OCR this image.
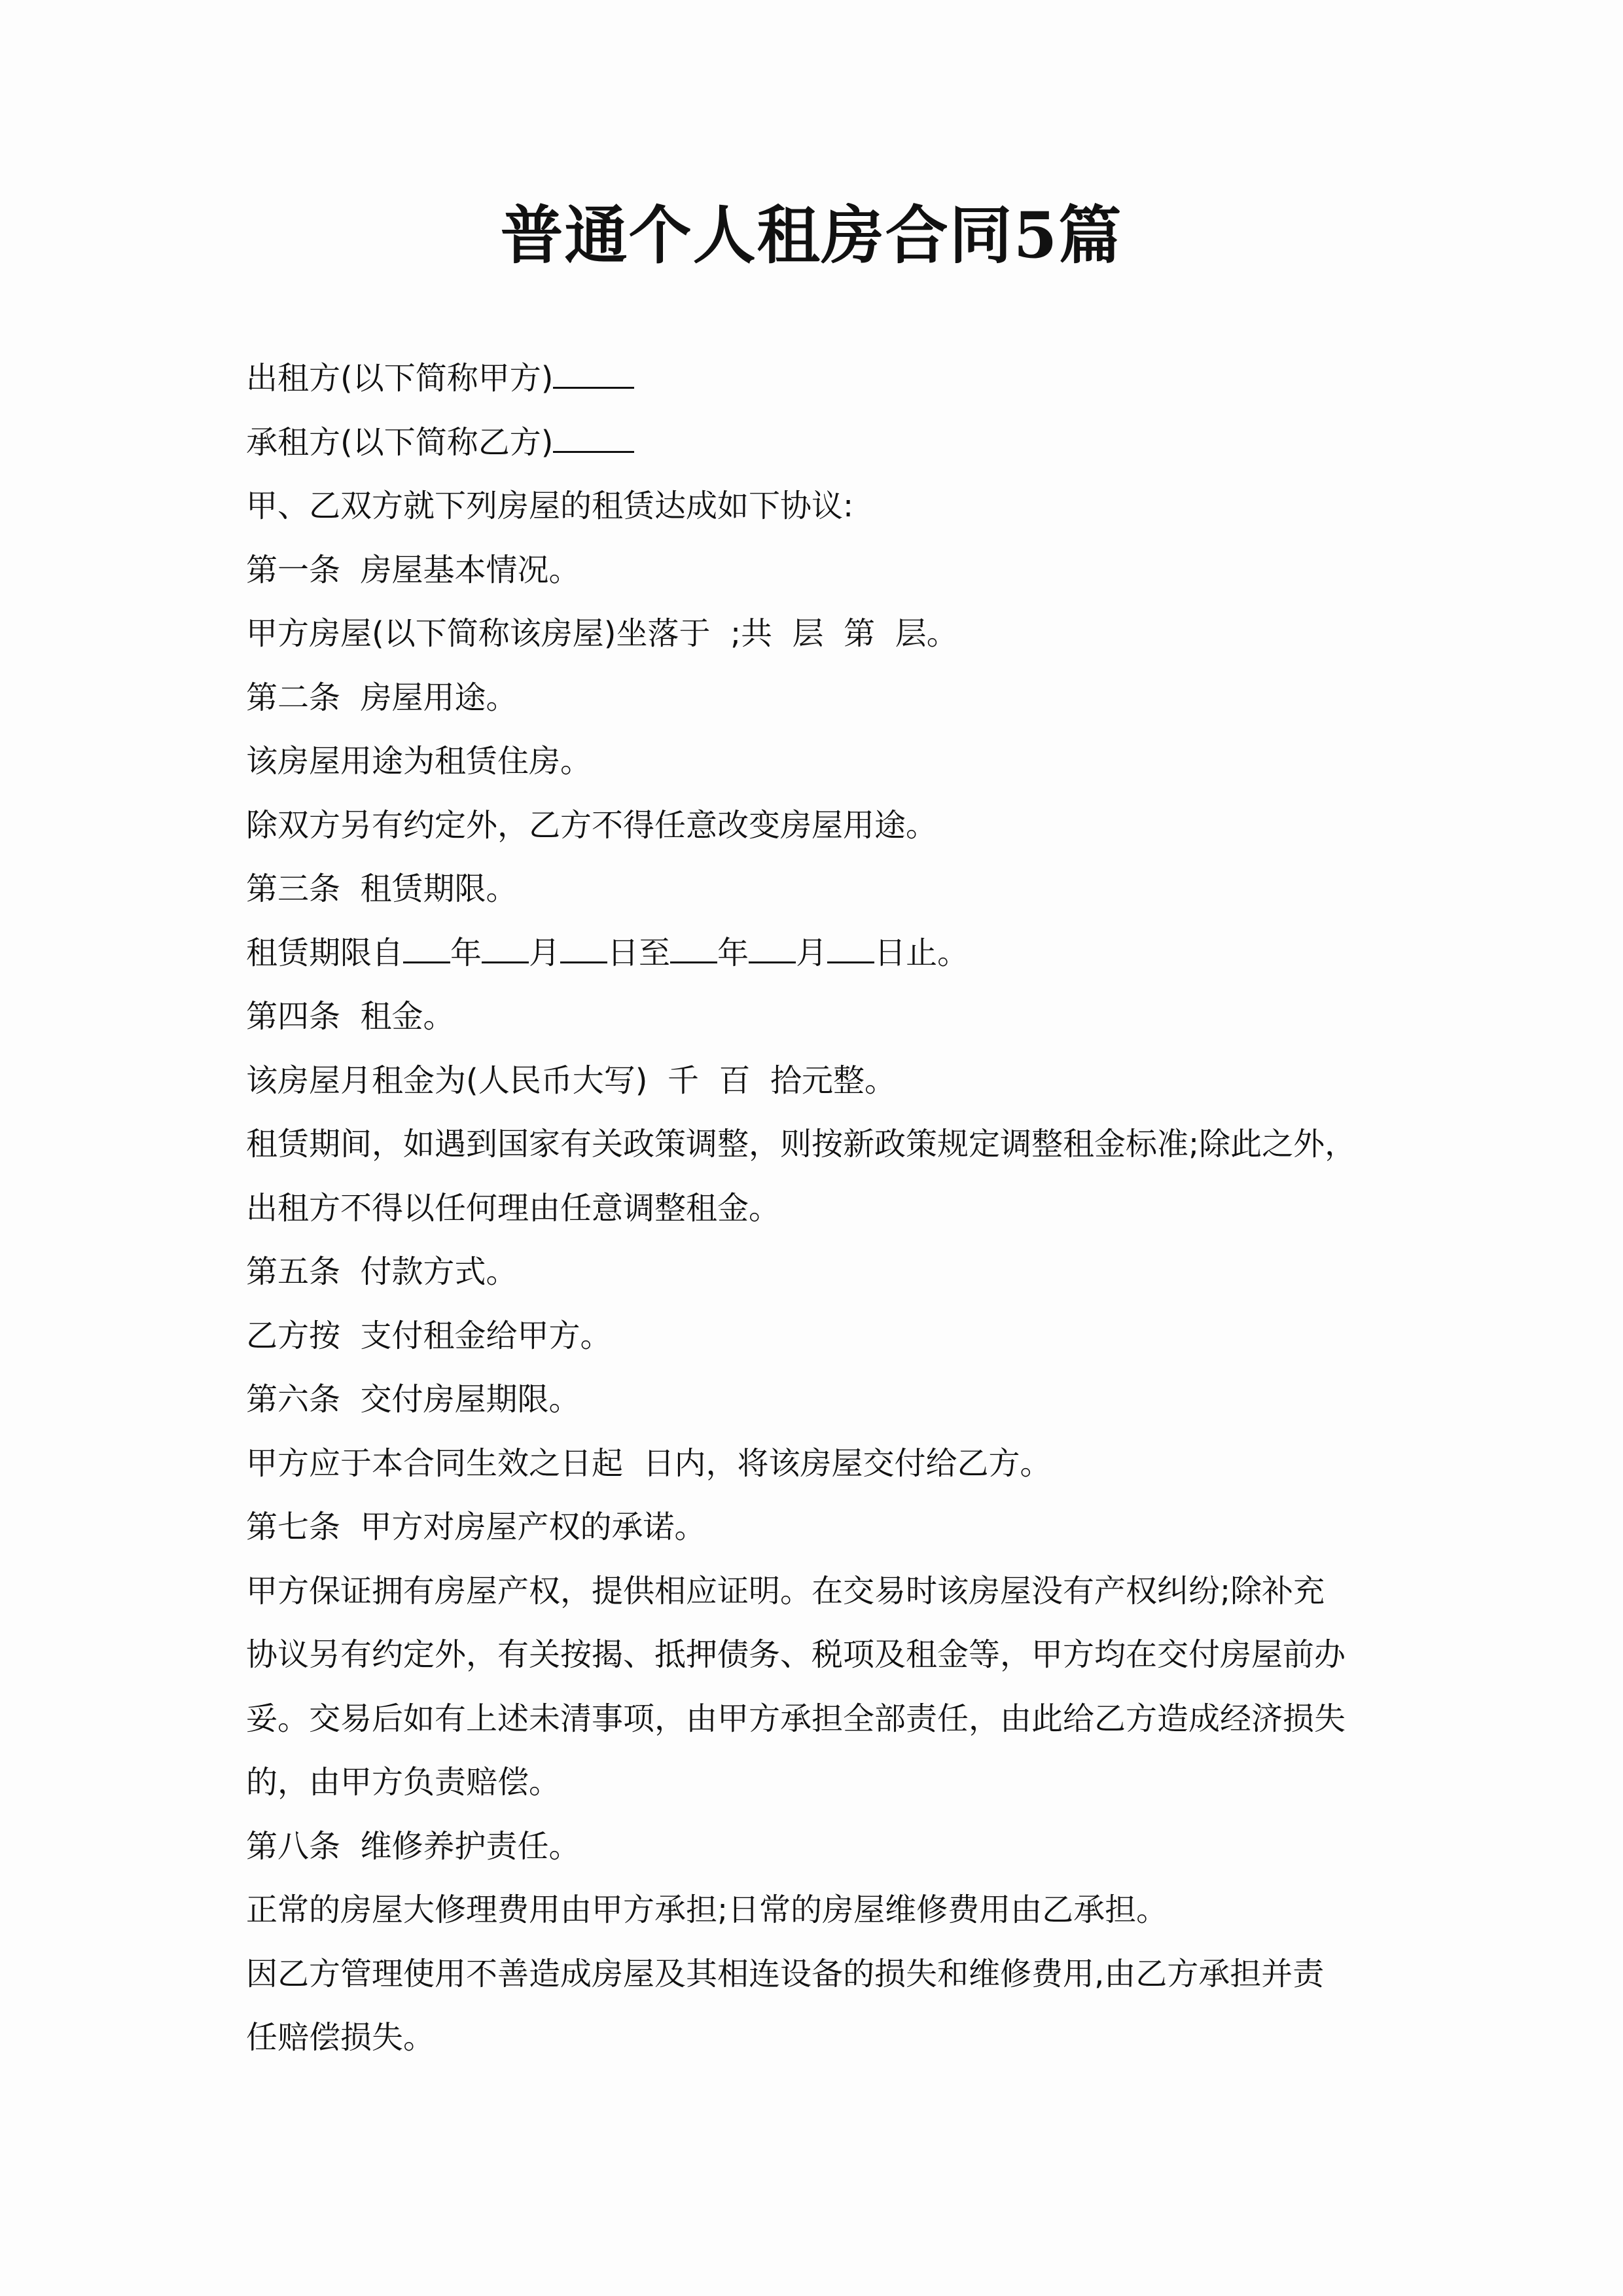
普通个人租房合同5篇

出租方(以下简称甲方)

承租方(以下简称乙方)

甲、乙双方就下列房屋的租赁达成如下协议:

第一条  房屋基本情况。

甲方房屋(以下简称该房屋)坐落于  ;共  层  第  层。

第二条  房屋用途。

该房屋用途为租赁住房。

除双方另有约定外，乙方不得任意改变房屋用途。

第三条  租赁期限。

租赁期限自 年 月 日至 年 月 日止。

第四条  租金。

该房屋月租金为(人民币大写)  千  百  拾元整。

租赁期间，如遇到国家有关政策调整，则按新政策规定调整租金标准;除此之外，

出租方不得以任何理由任意调整租金。

第五条  付款方式。

乙方按  支付租金给甲方。

第六条  交付房屋期限。

甲方应于本合同生效之日起  日内，将该房屋交付给乙方。

第七条  甲方对房屋产权的承诺。

甲方保证拥有房屋产权，提供相应证明。在交易时该房屋没有产权纠纷;除补充

协议另有约定外，有关按揭、抵押债务、税项及租金等，甲方均在交付房屋前办

妥。交易后如有上述未清事项，由甲方承担全部责任，由此给乙方造成经济损失

的，由甲方负责赔偿。

第八条  维修养护责任。

正常的房屋大修理费用由甲方承担;日常的房屋维修费用由乙承担。

因乙方管理使用不善造成房屋及其相连设备的损失和维修费用,由乙方承担并责

任赔偿损失。
